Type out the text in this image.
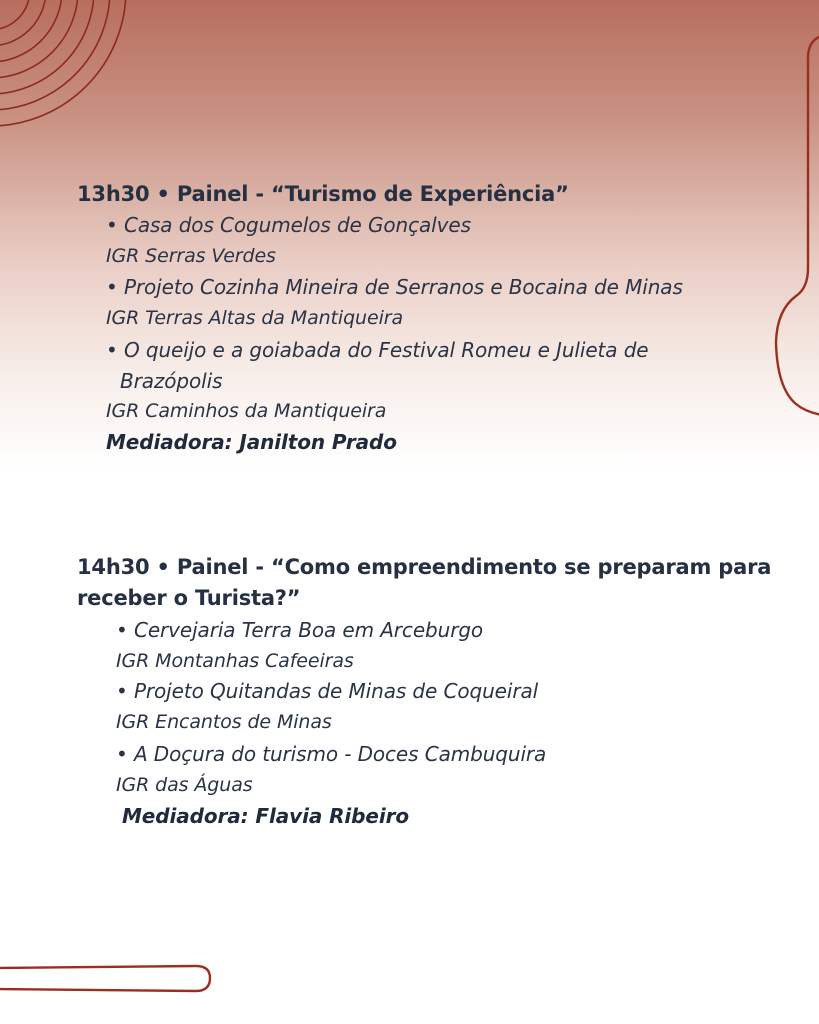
13h30 • Painel - “Turismo de Experiência”

• Casa dos Cogumelos de Gonçalves

IGR Serras Verdes

• Projeto Cozinha Mineira de Serranos e Bocaina de Minas

IGR Terras Altas da Mantiqueira

• O queijo e a goiabada do Festival Romeu e Julieta de

Brazópolis

IGR Caminhos da Mantiqueira

Mediadora: Janilton Prado

14h30 • Painel - “Como empreendimento se preparam para

receber o Turista?”

• Cervejaria Terra Boa em Arceburgo

IGR Montanhas Cafeeiras

• Projeto Quitandas de Minas de Coqueiral

IGR Encantos de Minas

• A Doçura do turismo - Doces Cambuquira

IGR das Águas

Mediadora: Flavia Ribeiro
